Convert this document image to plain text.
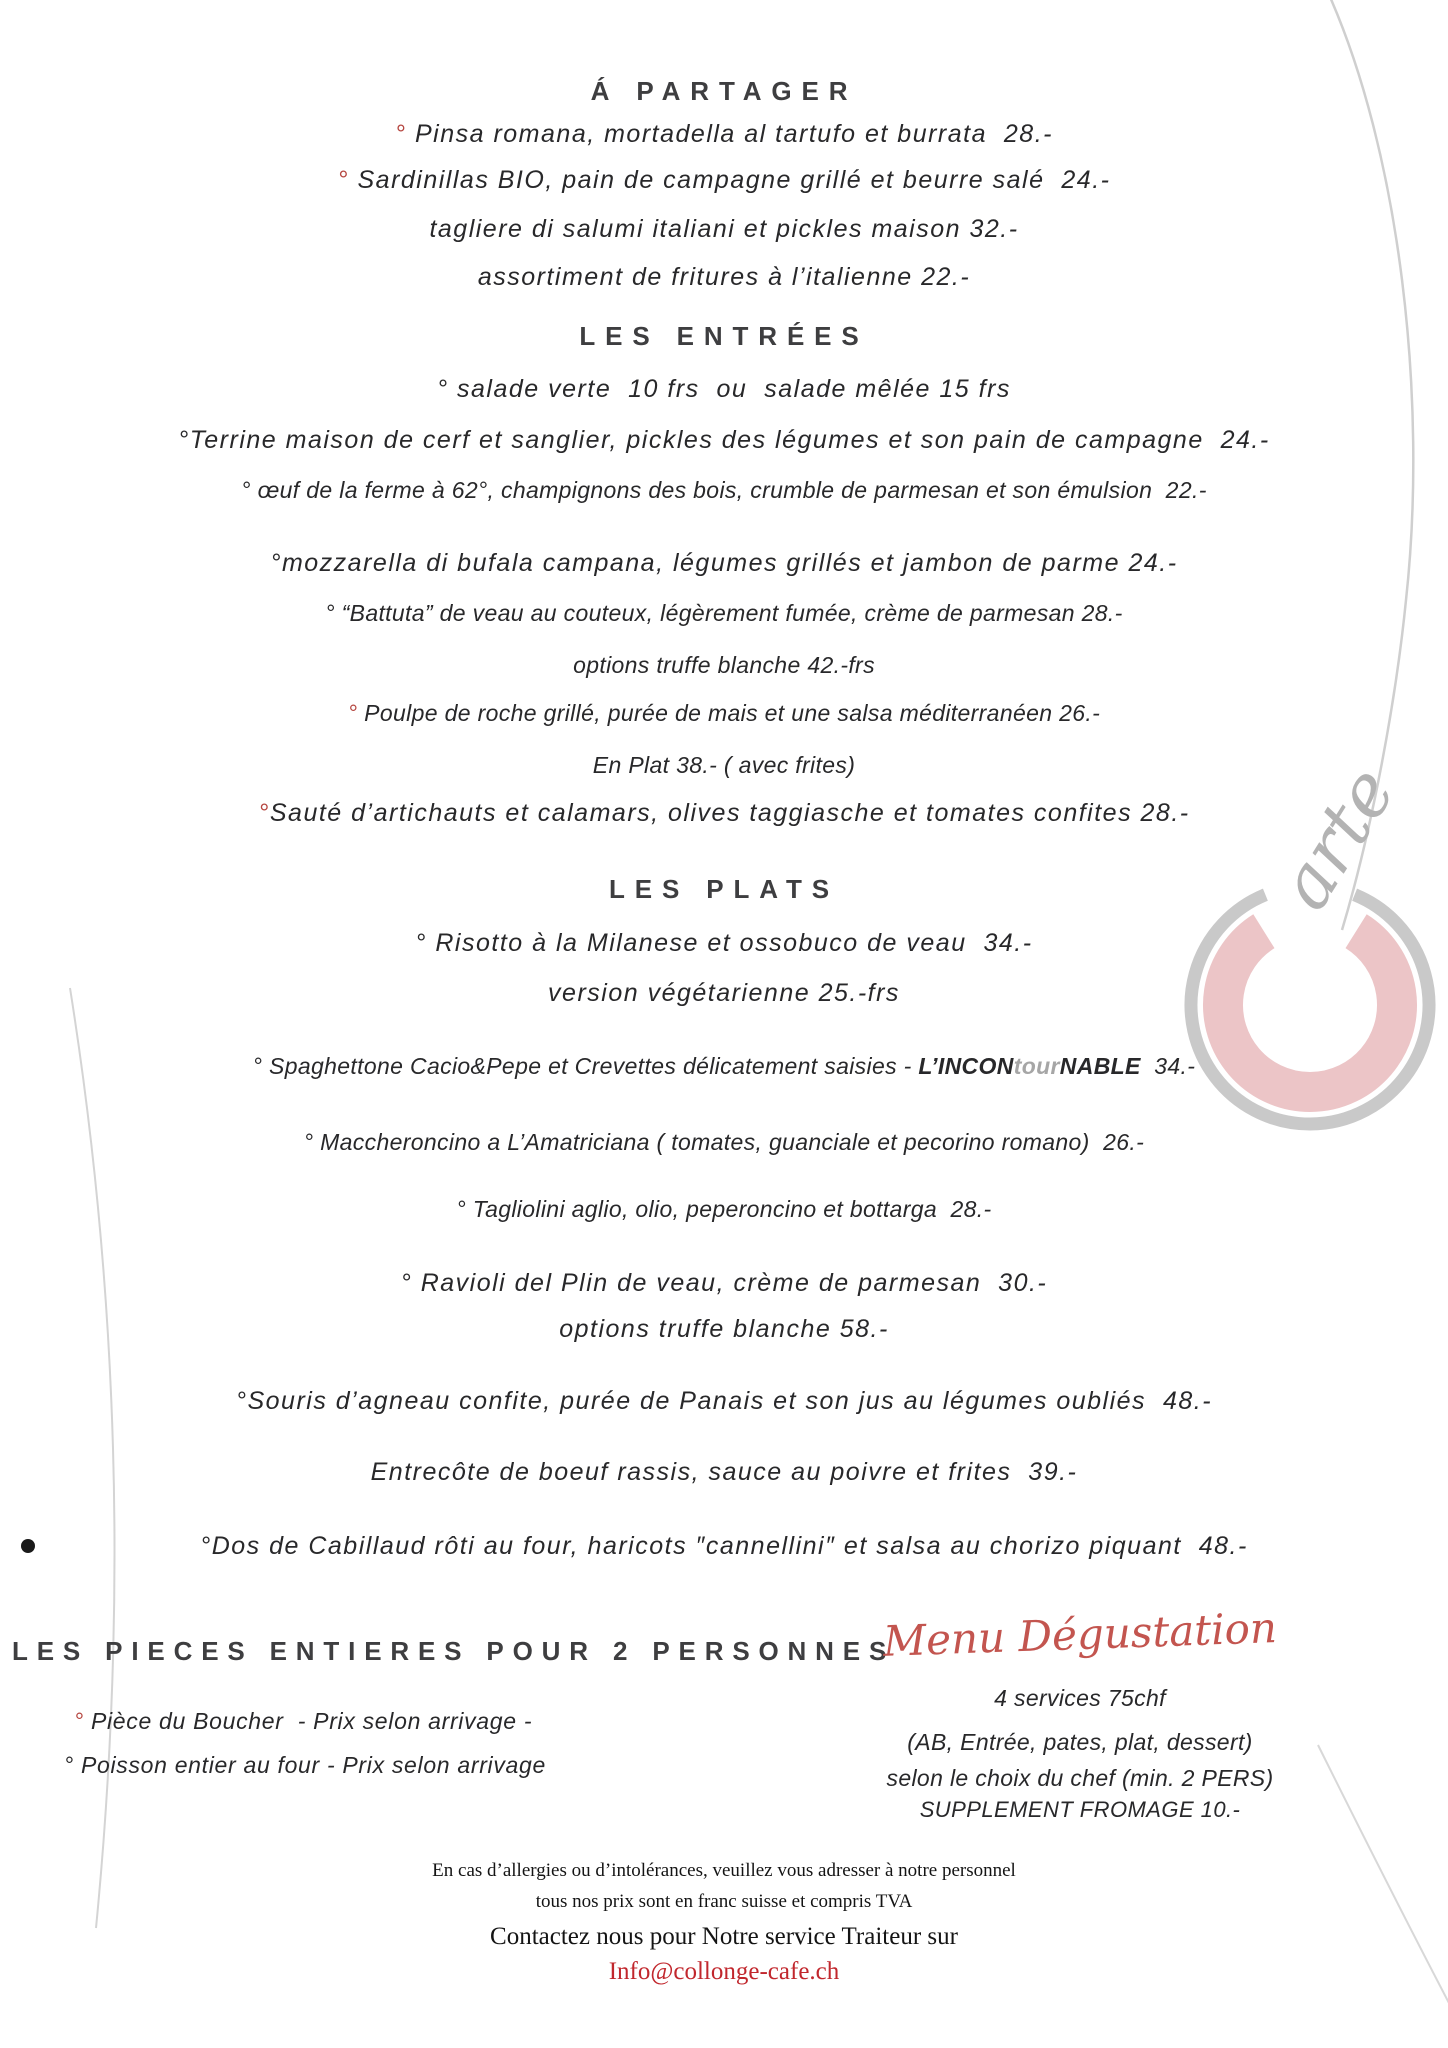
arte
Á PARTAGER
° Pinsa romana, mortadella al tartufo et burrata  28.-
° Sardinillas BIO, pain de campagne grillé et beurre salé  24.-
tagliere di salumi italiani et pickles maison 32.-
assortiment de fritures à l’italienne 22.-
LES ENTRÉES
° salade verte  10 frs  ou  salade mêlée 15 frs
°Terrine maison de cerf et sanglier, pickles des légumes et son pain de campagne  24.-
° œuf de la ferme à 62°, champignons des bois, crumble de parmesan et son émulsion  22.-
°mozzarella di bufala campana, légumes grillés et jambon de parme 24.-
° “Battuta” de veau au couteux, légèrement fumée, crème de parmesan 28.-
options truffe blanche 42.-frs
° Poulpe de roche grillé, purée de mais et une salsa méditerranéen 26.-
En Plat 38.- ( avec frites)
°Sauté d’artichauts et calamars, olives taggiasche et tomates confites 28.-
LES PLATS
° Risotto à la Milanese et ossobuco de veau  34.-
version végétarienne 25.-frs
° Spaghettone Cacio&Pepe et Crevettes délicatement saisies - L’INCONtourNABLE  34.-
° Maccheroncino a L’Amatriciana ( tomates, guanciale et pecorino romano)  26.-
° Tagliolini aglio, olio, peperoncino et bottarga  28.-
° Ravioli del Plin de veau, crème de parmesan  30.-
options truffe blanche 58.-
°Souris d’agneau confite, purée de Panais et son jus au légumes oubliés  48.-
Entrecôte de boeuf rassis, sauce au poivre et frites  39.-
°Dos de Cabillaud rôti au four, haricots ″cannellini″ et salsa au chorizo piquant  48.-
LES PIECES ENTIERES POUR 2 PERSONNES
° Pièce du Boucher  - Prix selon arrivage -
° Poisson entier au four - Prix selon arrivage
Menu Dégustation
4 services 75chf
(AB, Entrée, pates, plat, dessert)
selon le choix du chef (min. 2 PERS)
SUPPLEMENT FROMAGE 10.-
En cas d’allergies ou d’intolérances, veuillez vous adresser à notre personnel
tous nos prix sont en franc suisse et compris TVA
Contactez nous pour Notre service Traiteur sur
Info@collonge-cafe.ch
